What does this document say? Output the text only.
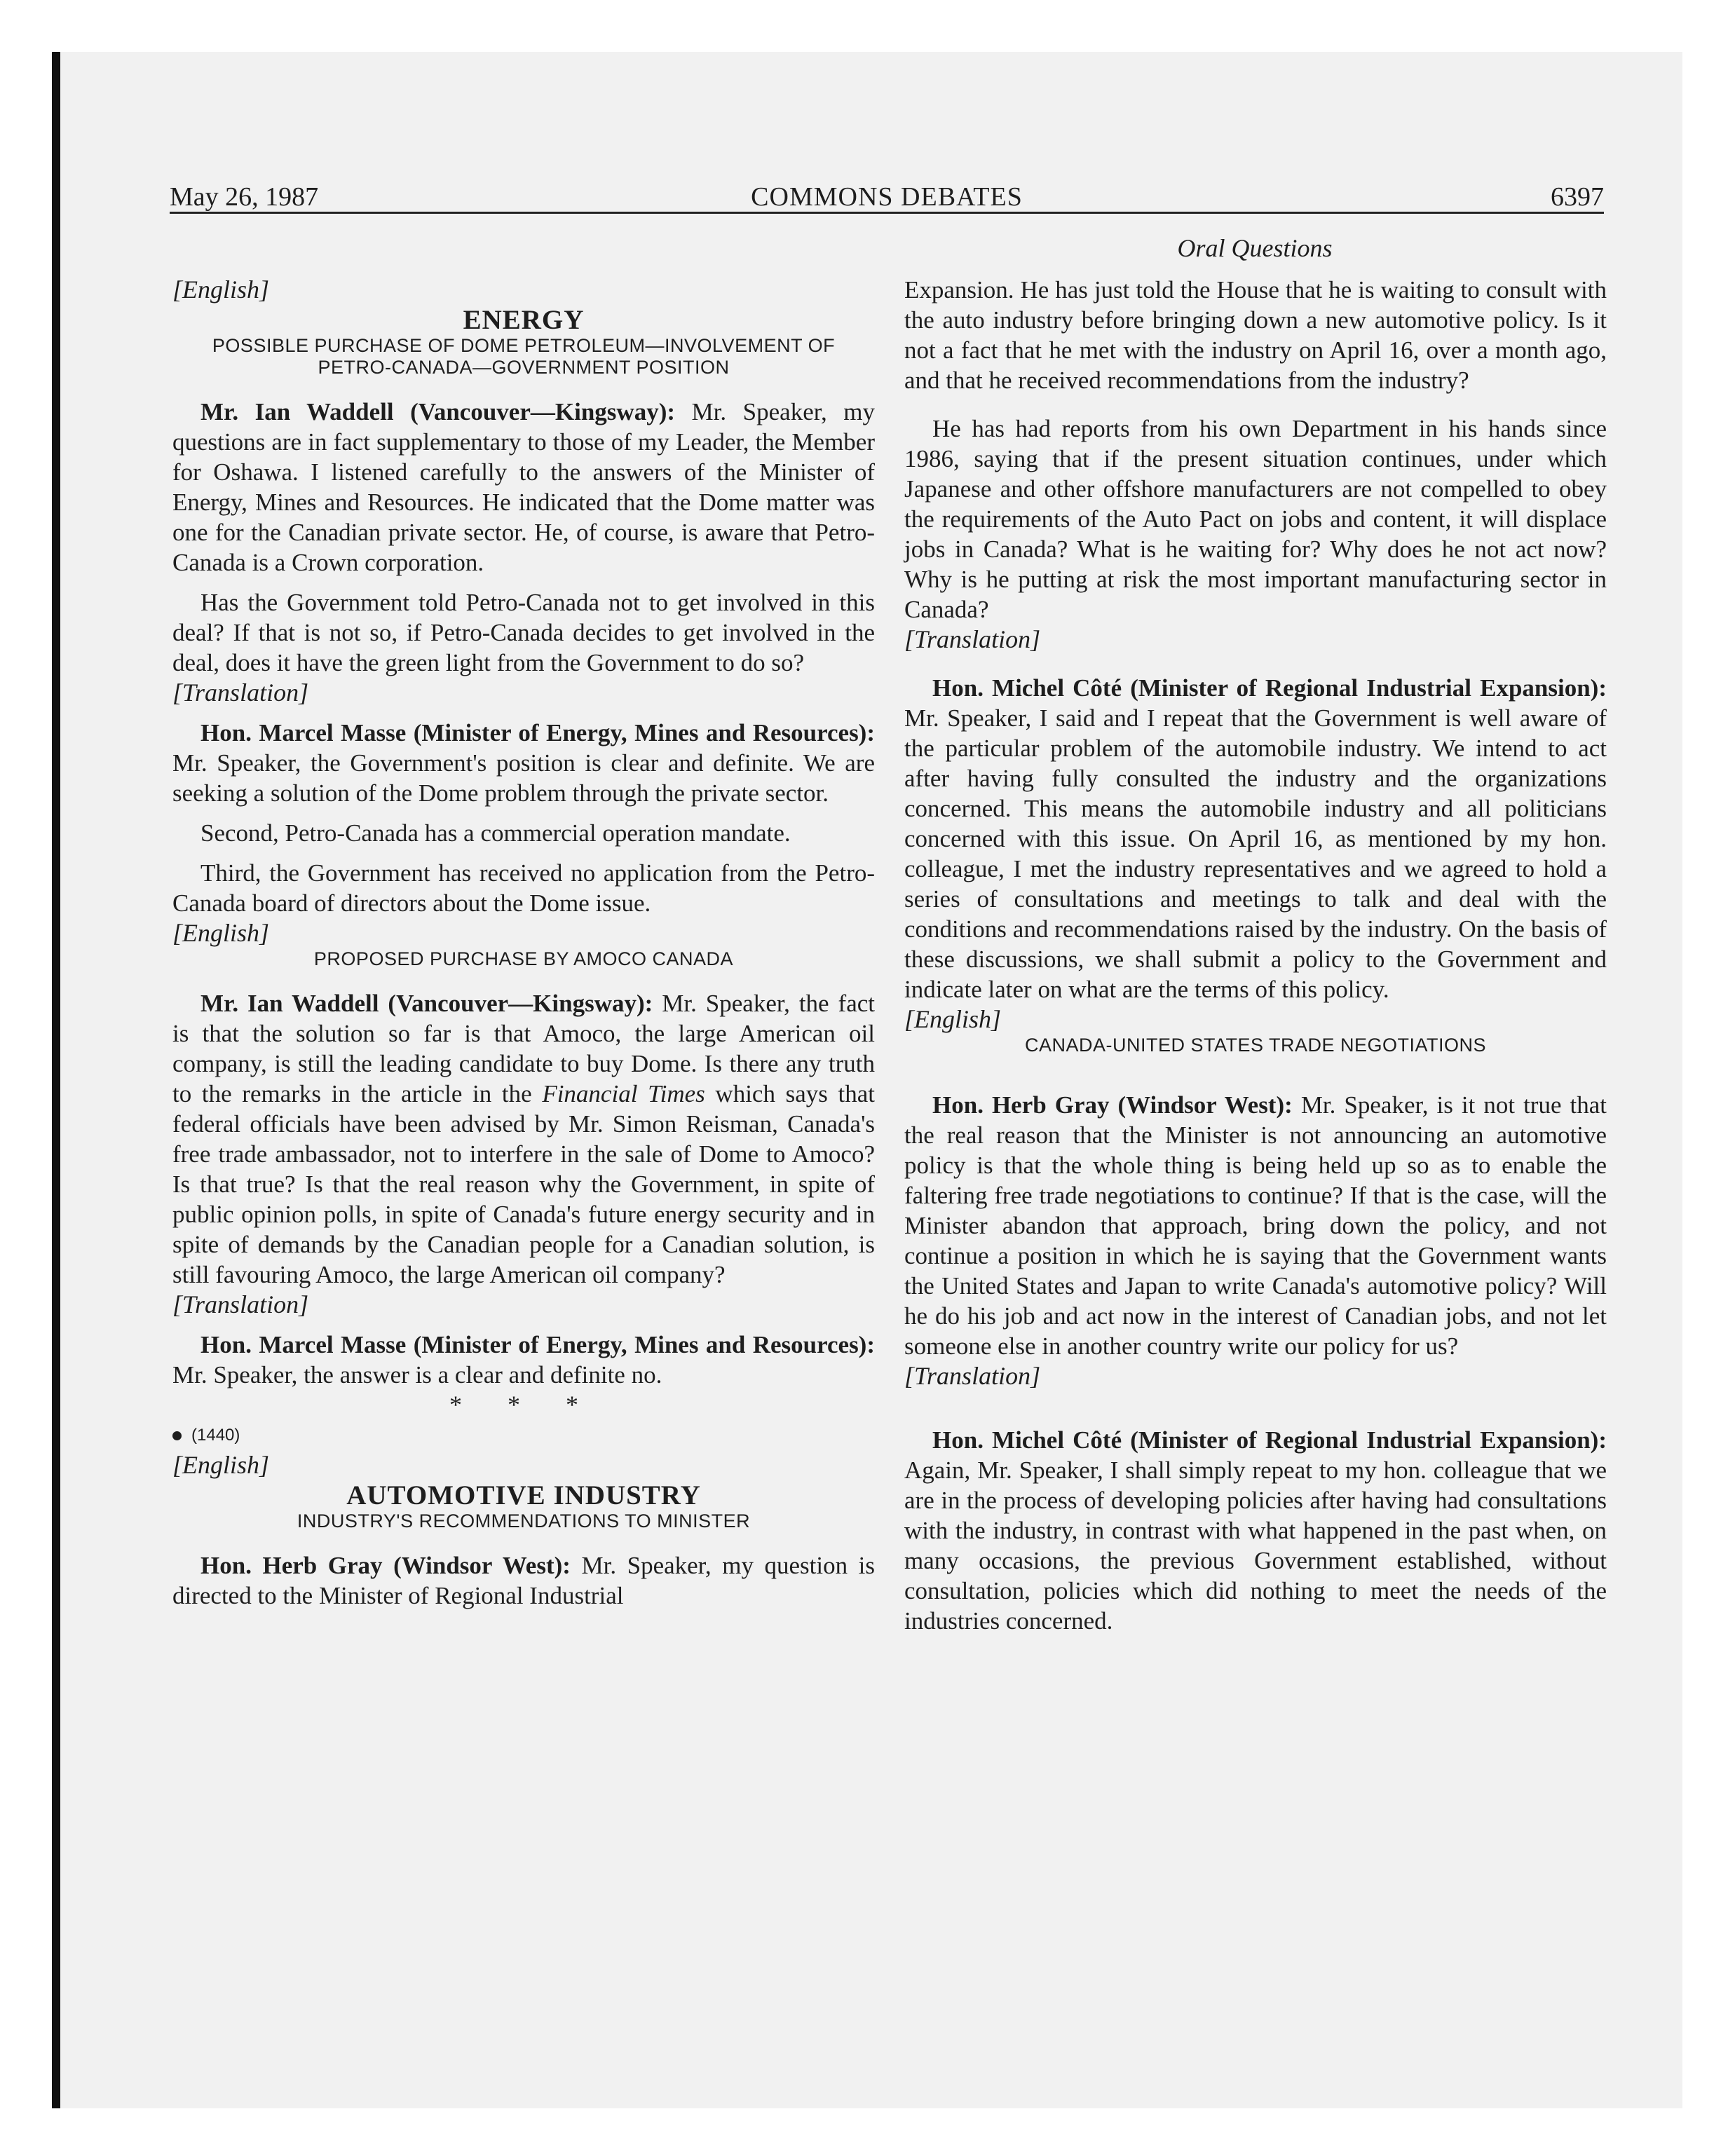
May 26, 1987	COMMONS DEBATES	6397
Oral Questions

[English]

ENERGY

POSSIBLE PURCHASE OF DOME PETROLEUM—INVOLVEMENT OF
PETRO-CANADA—GOVERNMENT POSITION

Mr. Ian Waddell (Vancouver—Kingsway): Mr. Speaker, my questions are in fact supplementary to those of my Leader, the Member for Oshawa. I listened carefully to the answers of the Minister of Energy, Mines and Resources. He indicated that the Dome matter was one for the Canadian private sector. He, of course, is aware that Petro-Canada is a Crown corporation.

Has the Government told Petro-Canada not to get involved in this deal? If that is not so, if Petro-Canada decides to get involved in the deal, does it have the green light from the Government to do so?

[Translation]

Hon. Marcel Masse (Minister of Energy, Mines and Resources): Mr. Speaker, the Government's position is clear and definite. We are seeking a solution of the Dome problem through the private sector.

Second, Petro-Canada has a commercial operation mandate.

Third, the Government has received no application from the Petro-Canada board of directors about the Dome issue.

[English]

PROPOSED PURCHASE BY AMOCO CANADA

Mr. Ian Waddell (Vancouver—Kingsway): Mr. Speaker, the fact is that the solution so far is that Amoco, the large American oil company, is still the leading candidate to buy Dome. Is there any truth to the remarks in the article in the Financial Times which says that federal officials have been advised by Mr. Simon Reisman, Canada's free trade ambassador, not to interfere in the sale of Dome to Amoco? Is that true? Is that the real reason why the Government, in spite of public opinion polls, in spite of Canada's future energy security and in spite of demands by the Canadian people for a Canadian solution, is still favouring Amoco, the large American oil company?

[Translation]

Hon. Marcel Masse (Minister of Energy, Mines and Resources): Mr. Speaker, the answer is a clear and definite no.

* * *

(1440)

[English]

AUTOMOTIVE INDUSTRY

INDUSTRY'S RECOMMENDATIONS TO MINISTER

Hon. Herb Gray (Windsor West): Mr. Speaker, my question is directed to the Minister of Regional Industrial

Expansion. He has just told the House that he is waiting to consult with the auto industry before bringing down a new automotive policy. Is it not a fact that he met with the industry on April 16, over a month ago, and that he received recommendations from the industry?

He has had reports from his own Department in his hands since 1986, saying that if the present situation continues, under which Japanese and other offshore manufacturers are not compelled to obey the requirements of the Auto Pact on jobs and content, it will displace jobs in Canada? What is he waiting for? Why does he not act now? Why is he putting at risk the most important manufacturing sector in Canada?

[Translation]

Hon. Michel Côté (Minister of Regional Industrial Expansion): Mr. Speaker, I said and I repeat that the Government is well aware of the particular problem of the automobile industry. We intend to act after having fully consulted the industry and the organizations concerned. This means the automobile industry and all politicians concerned with this issue. On April 16, as mentioned by my hon. colleague, I met the industry representatives and we agreed to hold a series of consultations and meetings to talk and deal with the conditions and recommendations raised by the industry. On the basis of these discussions, we shall submit a policy to the Government and indicate later on what are the terms of this policy.

[English]

CANADA-UNITED STATES TRADE NEGOTIATIONS

Hon. Herb Gray (Windsor West): Mr. Speaker, is it not true that the real reason that the Minister is not announcing an automotive policy is that the whole thing is being held up so as to enable the faltering free trade negotiations to continue? If that is the case, will the Minister abandon that approach, bring down the policy, and not continue a position in which he is saying that the Government wants the United States and Japan to write Canada's automotive policy? Will he do his job and act now in the interest of Canadian jobs, and not let someone else in another country write our policy for us?

[Translation]

Hon. Michel Côté (Minister of Regional Industrial Expansion): Again, Mr. Speaker, I shall simply repeat to my hon. colleague that we are in the process of developing policies after having had consultations with the industry, in contrast with what happened in the past when, on many occasions, the previous Government established, without consultation, policies which did nothing to meet the needs of the industries concerned.
